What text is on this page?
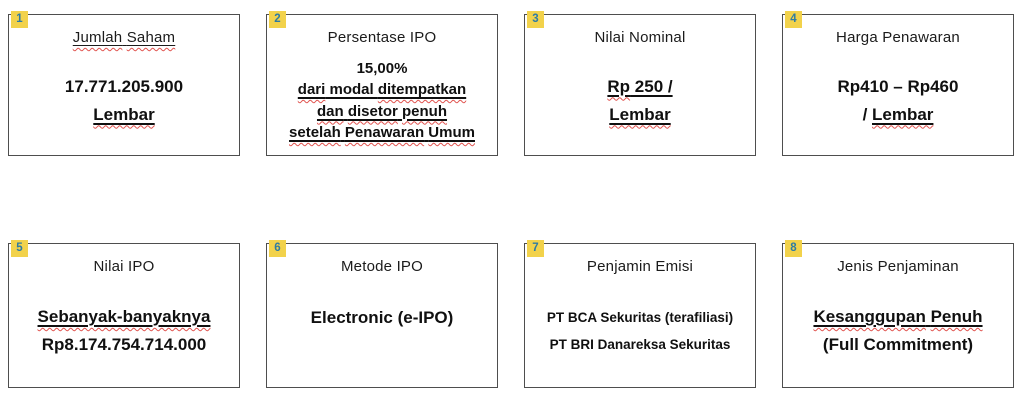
1
Jumlah Saham
17.771.205.900
Lembar
2
Persentase IPO
15,00%
dari modal ditempatkan
dan disetor penuh
setelah Penawaran Umum
3
Nilai Nominal
Rp 250 /
Lembar
4
Harga Penawaran
Rp410 – Rp460
/ Lembar
5
Nilai IPO
Sebanyak-banyaknya
Rp8.174.754.714.000
6
Metode IPO
Electronic (e-IPO)
7
Penjamin Emisi
PT BCA Sekuritas (terafiliasi)
PT BRI Danareksa Sekuritas
8
Jenis Penjaminan
Kesanggupan Penuh
(Full Commitment)
